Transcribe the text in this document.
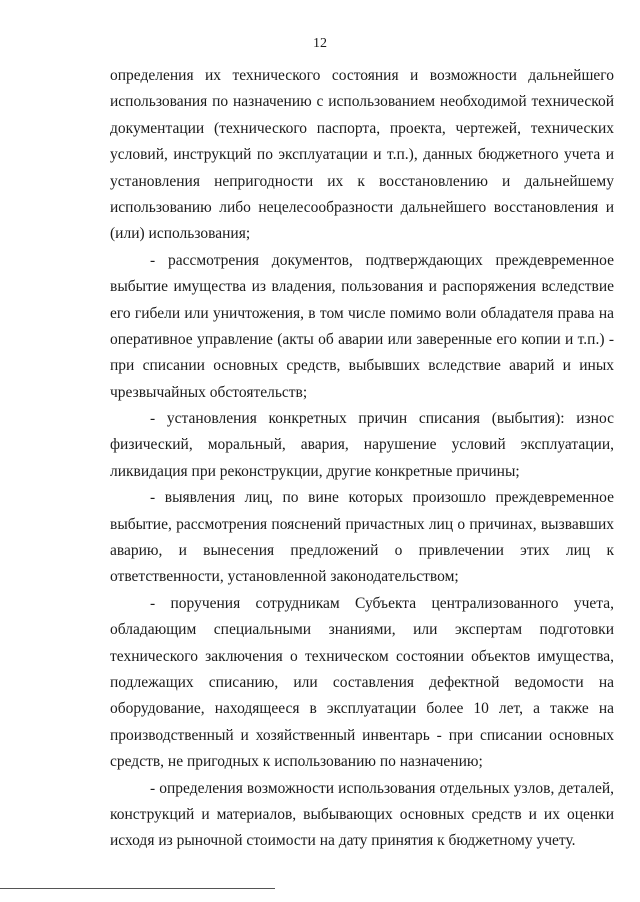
12
определения их технического состояния и возможности дальнейшего
использования по назначению с использованием необходимой технической
документации (технического паспорта, проекта, чертежей, технических
условий, инструкций по эксплуатации и т.п.), данных бюджетного учета и
установления непригодности их к восстановлению и дальнейшему
использованию либо нецелесообразности дальнейшего восстановления и
(или) использования;
- рассмотрения документов, подтверждающих преждевременное
выбытие имущества из владения, пользования и распоряжения вследствие
его гибели или уничтожения, в том числе помимо воли обладателя права на
оперативное управление (акты об аварии или заверенные его копии и т.п.) -
при списании основных средств, выбывших вследствие аварий и иных
чрезвычайных обстоятельств;
- установления конкретных причин списания (выбытия): износ
физический, моральный, авария, нарушение условий эксплуатации,
ликвидация при реконструкции, другие конкретные причины;
- выявления лиц, по вине которых произошло преждевременное
выбытие, рассмотрения пояснений причастных лиц о причинах, вызвавших
аварию, и вынесения предложений о привлечении этих лиц к
ответственности, установленной законодательством;
- поручения сотрудникам Субъекта централизованного учета,
обладающим специальными знаниями, или экспертам подготовки
технического заключения о техническом состоянии объектов имущества,
подлежащих списанию, или составления дефектной ведомости на
оборудование, находящееся в эксплуатации более 10 лет, а также на
производственный и хозяйственный инвентарь - при списании основных
средств, не пригодных к использованию по назначению;
- определения возможности использования отдельных узлов, деталей,
конструкций и материалов, выбывающих основных средств и их оценки
исходя из рыночной стоимости на дату принятия к бюджетному учету.
